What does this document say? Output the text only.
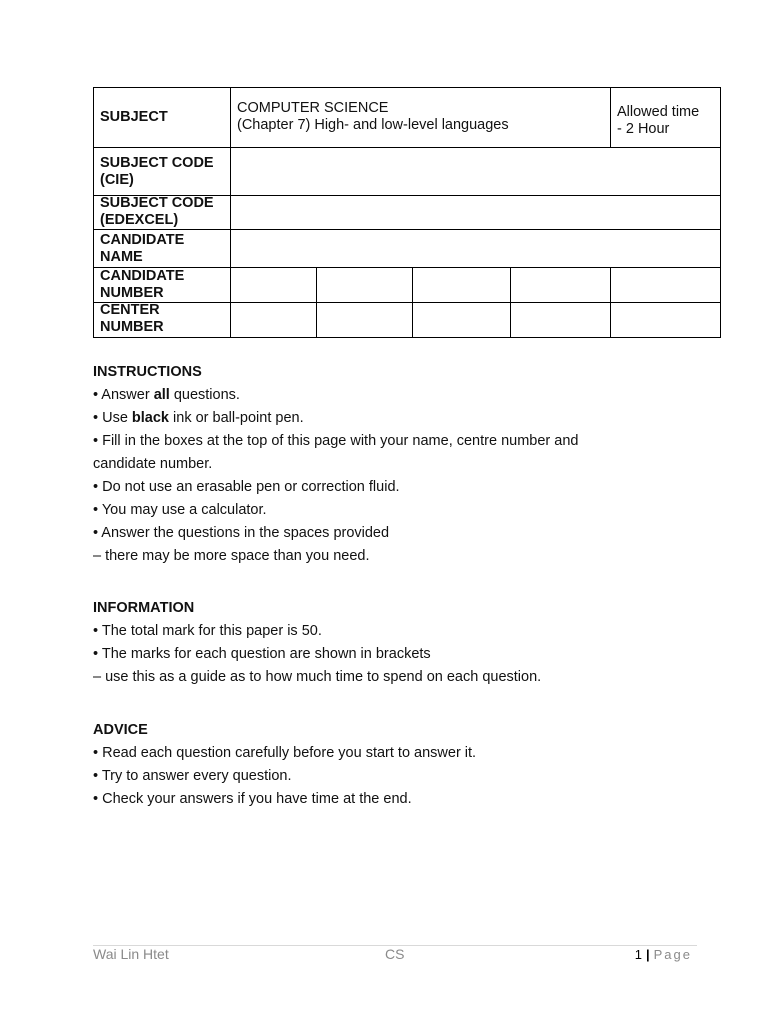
SUBJECT
COMPUTER SCIENCE
(Chapter 7) High- and low-level languages
Allowed time
- 2 Hour
SUBJECT CODE
(CIE)
SUBJECT CODE
(EDEXCEL)
CANDIDATE
NAME
CANDIDATE
NUMBER
CENTER
NUMBER
INSTRUCTIONS
• Answer all questions.
• Use black ink or ball-point pen.
• Fill in the boxes at the top of this page with your name, centre number and
candidate number.
• Do not use an erasable pen or correction fluid.
• You may use a calculator.
• Answer the questions in the spaces provided
– there may be more space than you need.
INFORMATION
• The total mark for this paper is 50.
• The marks for each question are shown in brackets
– use this as a guide as to how much time to spend on each question.
ADVICE
• Read each question carefully before you start to answer it.
• Try to answer every question.
• Check your answers if you have time at the end.
Wai Lin Htet	CS	1 | Page
